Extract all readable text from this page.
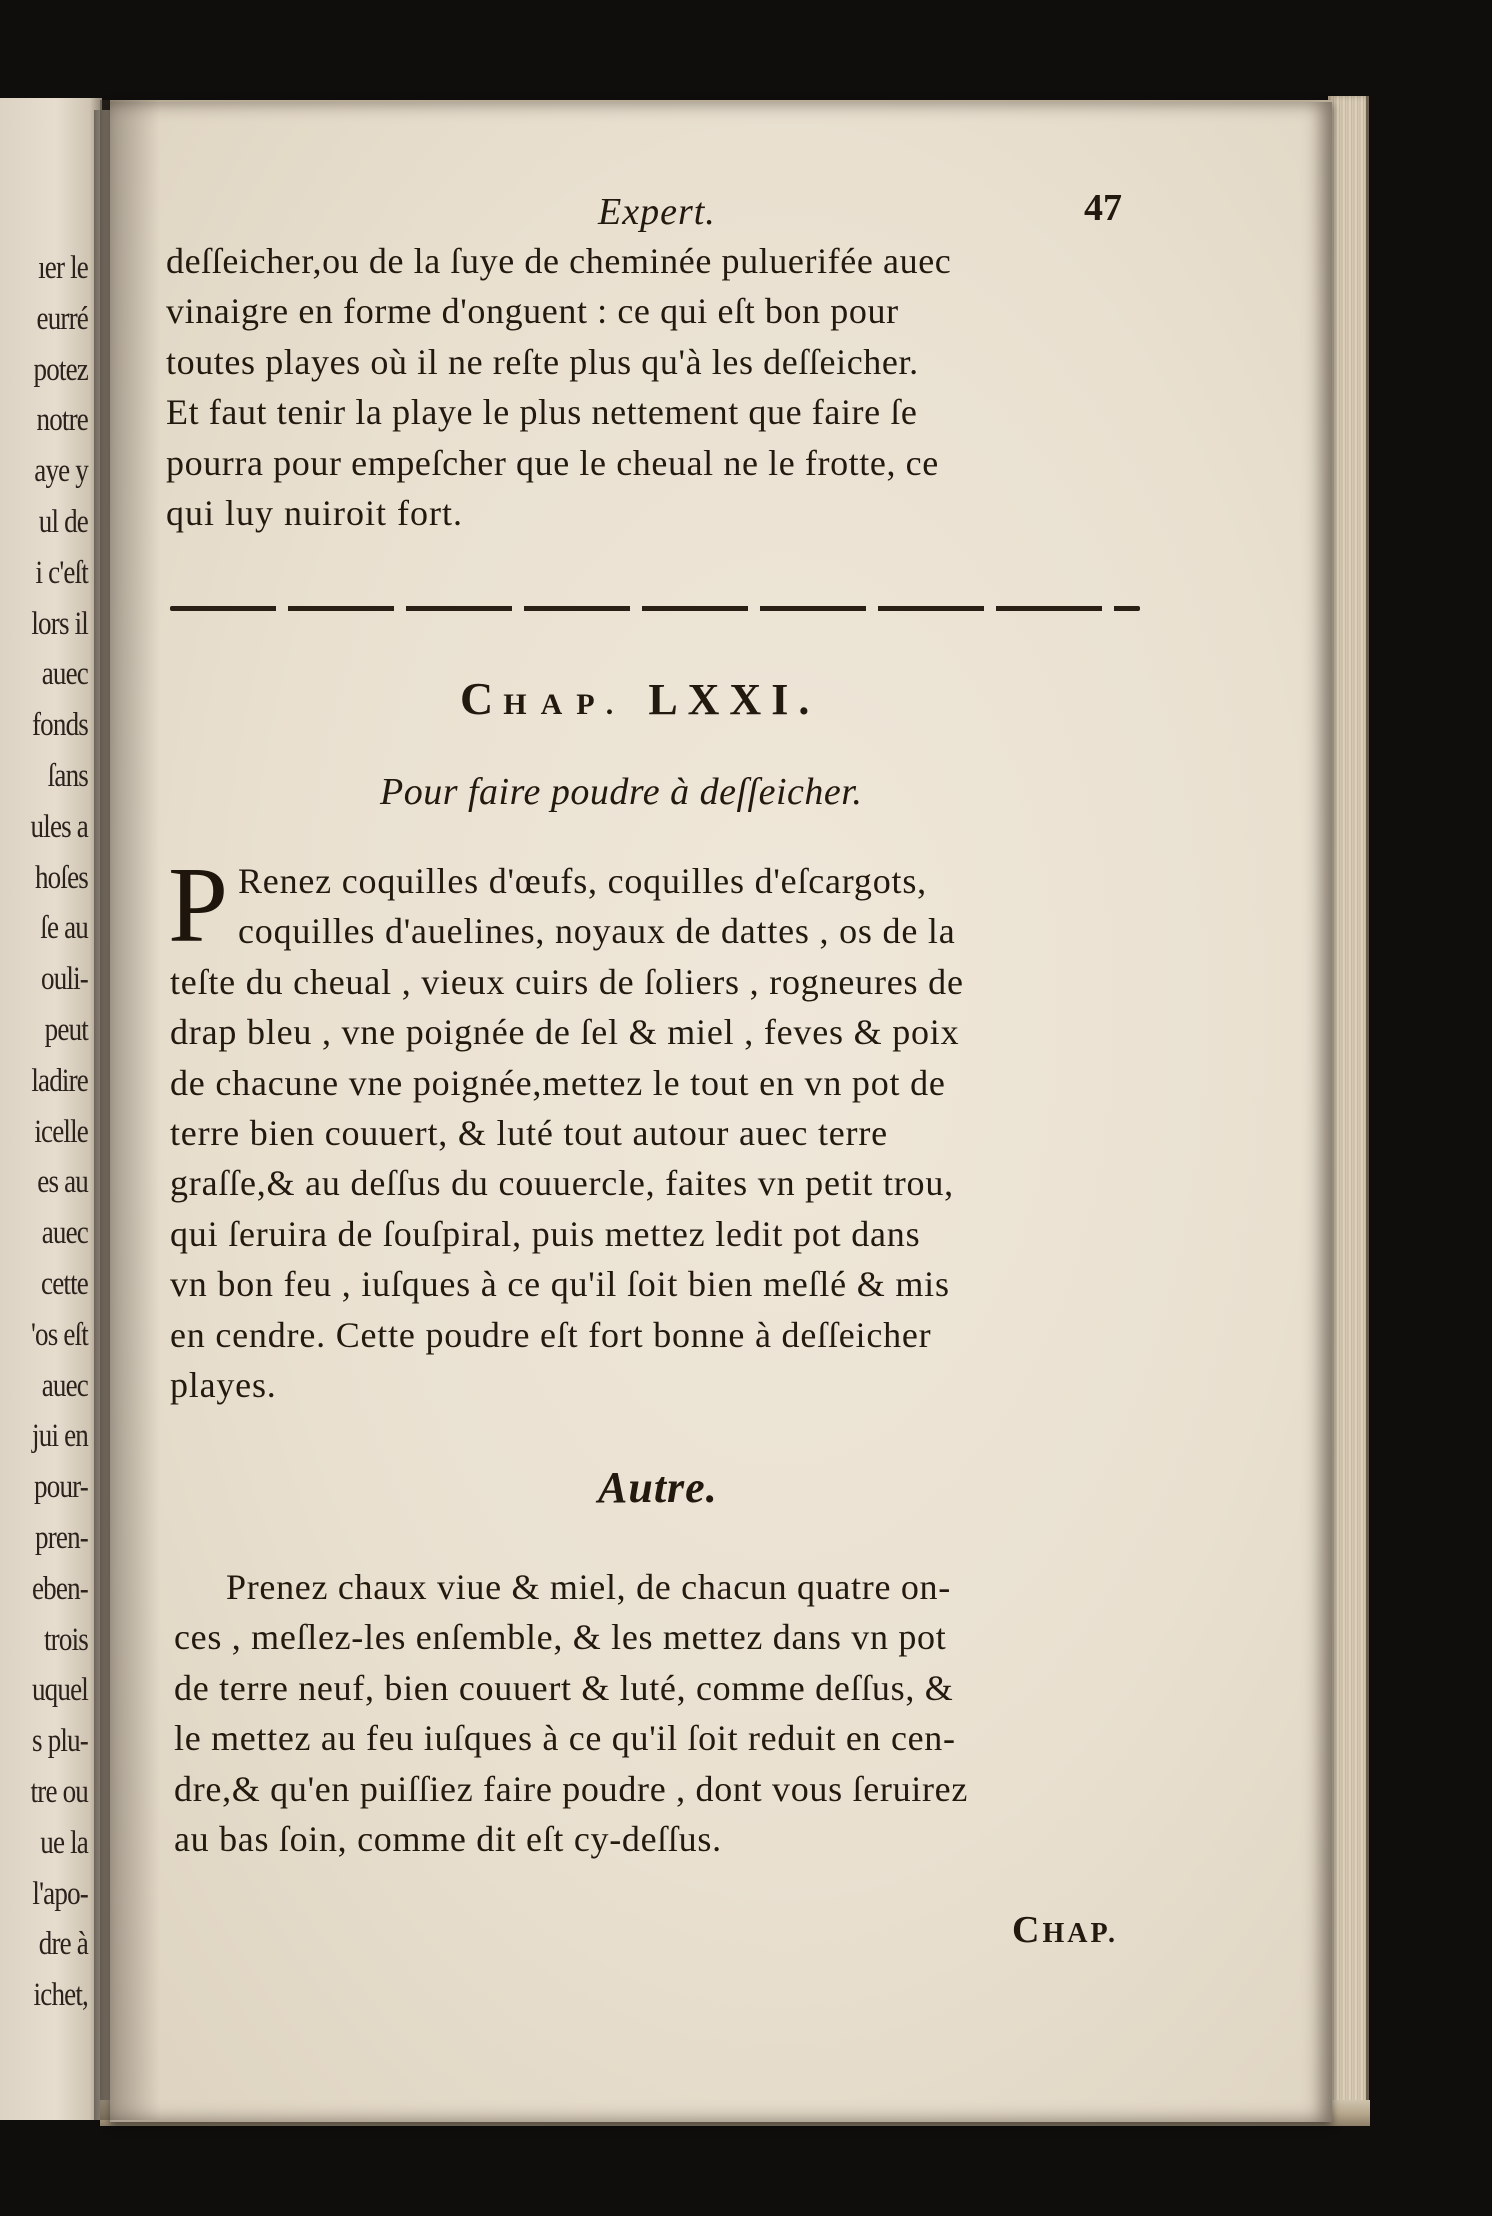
ıer le
eurré
potez
notre
aye y
ul de
i c'eſt
lors il
auec
fonds
ſans
ules a
hoſes
ſe au
ouli-
peut
ladire
icelle
es au
auec
cette
'os eſt
auec
jui en
pour-
pren-
eben-
trois
uquel
s plu-
tre ou
ue la
l'apo-
dre à
ichet,
Expert.	47
deſſeicher,ou de la ſuye de cheminée puluerifée auec
vinaigre en forme d'onguent : ce qui eſt bon pour
toutes playes où il ne reſte plus qu'à les deſſeicher.
Et faut tenir la playe le plus nettement que faire ſe
pourra pour empeſcher que le cheual ne le frotte, ce
qui luy nuiroit fort.
CHAP. LXXI.
Pour faire poudre à deſſeicher.
P Renez coquilles d'œufs, coquilles d'eſcargots,
coquilles d'auelines, noyaux de dattes , os de la
teſte du cheual , vieux cuirs de ſoliers , rogneures de
drap bleu , vne poignée de ſel & miel , feves & poix
de chacune vne poignée,mettez le tout en vn pot de
terre bien couuert, & luté tout autour auec terre
graſſe,& au deſſus du couuercle, faites vn petit trou,
qui ſeruira de ſouſpiral, puis mettez ledit pot dans
vn bon feu , iuſques à ce qu'il ſoit bien meſlé & mis
en cendre. Cette poudre eſt fort bonne à deſſeicher
playes.
Autre.
Prenez chaux viue & miel, de chacun quatre on-
ces , meſlez-les enſemble, & les mettez dans vn pot
de terre neuf, bien couuert & luté, comme deſſus, &
le mettez au feu iuſques à ce qu'il ſoit reduit en cen-
dre,& qu'en puiſſiez faire poudre , dont vous ſeruirez
au bas ſoin, comme dit eſt cy-deſſus.
CHAP.
